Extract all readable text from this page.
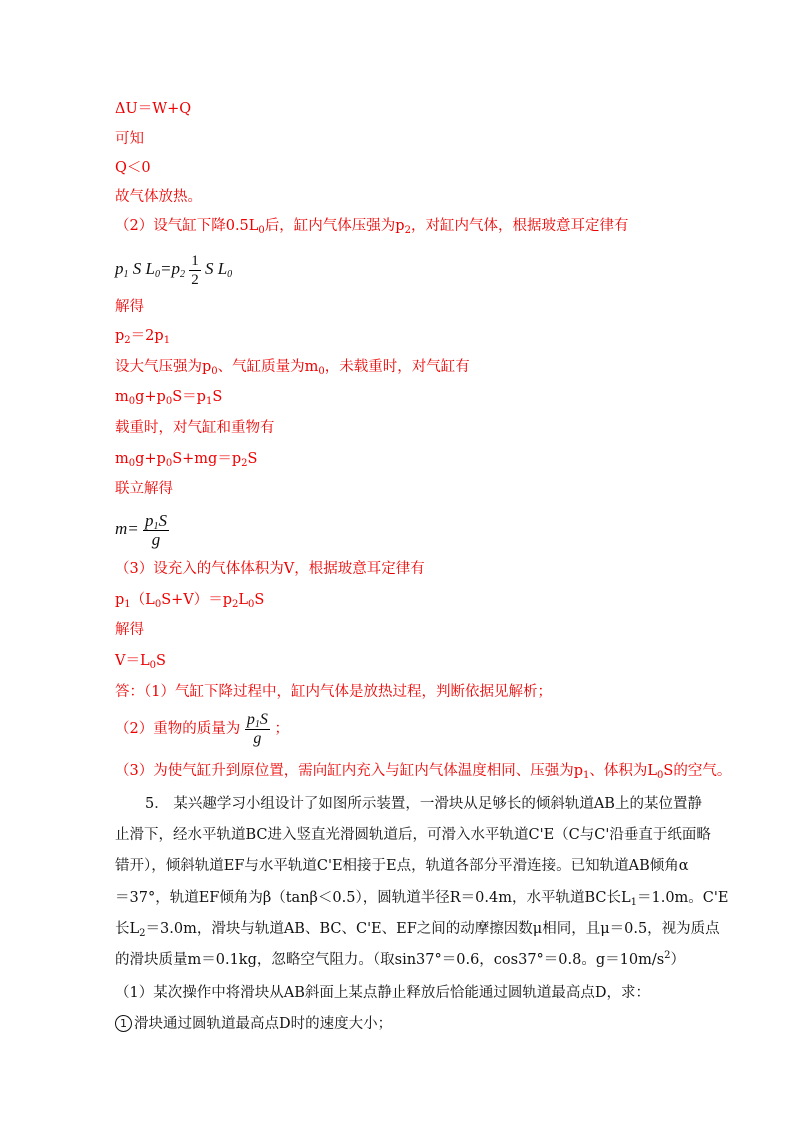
ΔU＝W+Q
可知
Q＜0
故气体放热。
（2）设气缸下降$0.5L_0$后，缸内气体压强为$p_2$，对缸内气体，根据玻意耳定律有
$p_1$ S $L_0=p_2 \frac{1}{2}$ S $L_0$
解得
$p_2=2p_1$
设大气压强为$p_0$、气缸质量为$m_0$，未载重时，对气缸有
$m_0g+p_0S=p_1S$
载重时，对气缸和重物有
$m_0g+p_0S+mg=p_2S$
联立解得
$m= \frac{p_1S}{g}$
（3）设充入的气体体积为V，根据玻意耳定律有
$p_1(L_0S+V)=p_2L_0S$
解得
$V=L_0S$
答：（1）气缸下降过程中，缸内气体是放热过程，判断依据见解析；
（2）重物的质量为 $\frac{p_1S}{g}$ ；
（3）为使气缸升到原位置，需向缸内充入与缸内气体温度相同、压强为$p_1$、体积为$L_0S$的空气。
5． 某兴趣学习小组设计了如图所示装置，一滑块从足够长的倾斜轨道AB上的某位置静
止滑下，经水平轨道BC进入竖直光滑圆轨道后，可滑入水平轨道C'E（C与C'沿垂直于纸面略
错开），倾斜轨道EF与水平轨道C'E相接于E点，轨道各部分平滑连接。已知轨道AB倾角α
＝37°，轨道EF倾角为β（tanβ＜0.5），圆轨道半径R＝0.4m，水平轨道BC长$L_1=1.0m$。C'E
长$L_2=3.0m$，滑块与轨道AB、BC、C'E、EF之间的动摩擦因数μ相同，且μ＝0.5，视为质点
的滑块质量m＝0.1kg，忽略空气阻力。（取sin37°＝0.6，cos37°＝0.8。$g=10m/s^2$）
（1）某次操作中将滑块从AB斜面上某点静止释放后恰能通过圆轨道最高点D，求：
1 滑块通过圆轨道最高点D时的速度大小；
